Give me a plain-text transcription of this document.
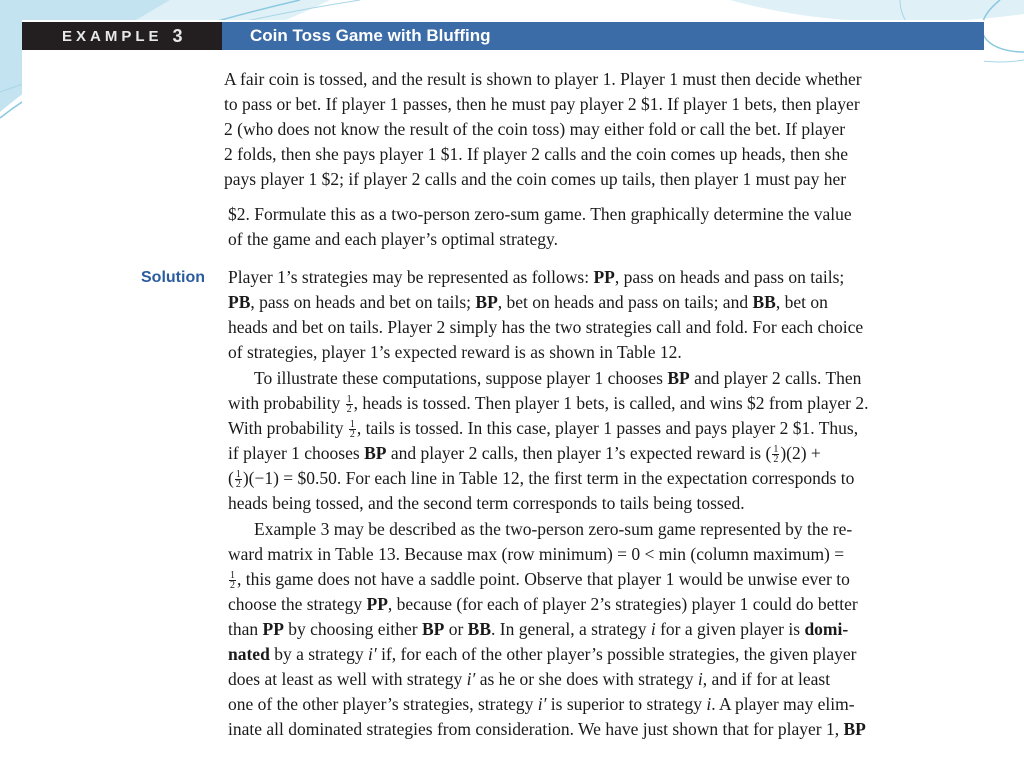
EXAMPLE 3	Coin Toss Game with Bluffing
A fair coin is tossed, and the result is shown to player 1. Player 1 must then decide whether
to pass or bet. If player 1 passes, then he must pay player 2 $1. If player 1 bets, then player
2 (who does not know the result of the coin toss) may either fold or call the bet. If player
2 folds, then she pays player 1 $1. If player 2 calls and the coin comes up heads, then she
pays player 1 $2; if player 2 calls and the coin comes up tails, then player 1 must pay her
$2. Formulate this as a two-person zero-sum game. Then graphically determine the value
of the game and each player’s optimal strategy.
Solution Player 1’s strategies may be represented as follows: PP, pass on heads and pass on tails;
PB, pass on heads and bet on tails; BP, bet on heads and pass on tails; and BB, bet on
heads and bet on tails. Player 2 simply has the two strategies call and fold. For each choice
of strategies, player 1’s expected reward is as shown in Table 12.
To illustrate these computations, suppose player 1 chooses BP and player 2 calls. Then
with probability $\frac{1}{2}$ , heads is tossed. Then player 1 bets, is called, and wins $2 from player 2.
With probability $\frac{1}{2}$ , tails is tossed. In this case, player 1 passes and pays player 2 $1. Thus,
if player 1 chooses BP and player 2 calls, then player 1’s expected reward is ( $\frac{1}{2} )(2)$ +
( $\frac{1}{2} )(-1)$ = $0.50. For each line in Table 12, the first term in the expectation corresponds to
heads being tossed, and the second term corresponds to tails being tossed.
Example 3 may be described as the two-person zero-sum game represented by the re-
ward matrix in Table 13. Because max (row minimum) = 0 < min (column maximum) =
$\frac{1}{2}$ , this game does not have a saddle point. Observe that player 1 would be unwise ever to
choose the strategy PP, because (for each of player 2’s strategies) player 1 could do better
than PP by choosing either BP or BB. In general, a strategy i for a given player is domi-
nated by a strategy i′ if, for each of the other player’s possible strategies, the given player
does at least as well with strategy i′ as he or she does with strategy i, and if for at least
one of the other player’s strategies, strategy i′ is superior to strategy i. A player may elim-
inate all dominated strategies from consideration. We have just shown that for player 1, BP
